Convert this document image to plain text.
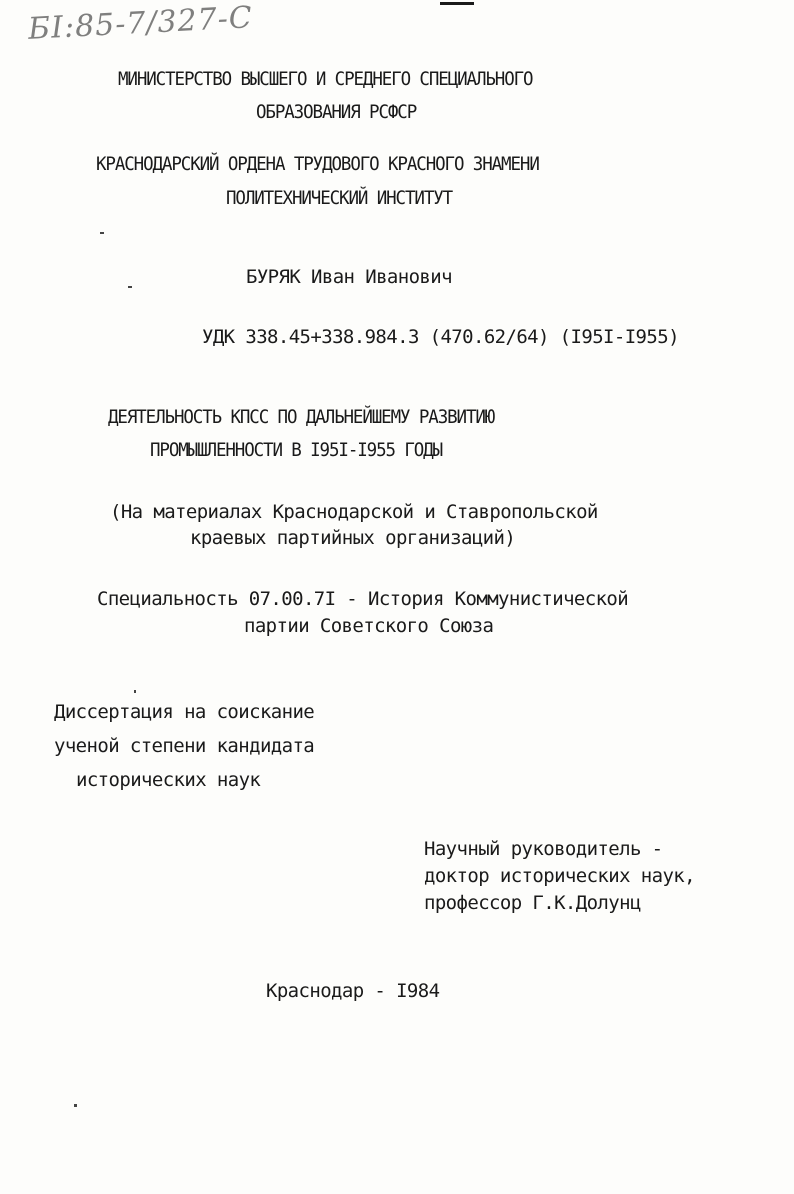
БІ:85-7/327-С
МИНИСТЕРСТВО ВЫСШЕГО И СРЕДНЕГО СПЕЦИАЛЬНОГО
ОБРАЗОВАНИЯ РСФСР
КРАСНОДАРСКИЙ ОРДЕНА ТРУДОВОГО КРАСНОГО ЗНАМЕНИ
ПОЛИТЕХНИЧЕСКИЙ ИНСТИТУТ
БУРЯК Иван Иванович
УДК 338.45+338.984.3 (470.62/64) (I95I-I955)
ДЕЯТЕЛЬНОСТЬ КПСС ПО ДАЛЬНЕЙШЕМУ РАЗВИТИЮ
ПРОМЫШЛЕННОСТИ В I95I-I955 ГОДЫ
(На материалах Краснодарской и Ставропольской
краевых партийных организаций)
Специальность 07.00.7I - История Коммунистической
партии Советского Союза
Диссертация на соискание
ученой степени кандидата
исторических наук
Научный руководитель -
доктор исторических наук,
профессор Г.К.Долунц
Краснодар - I984
